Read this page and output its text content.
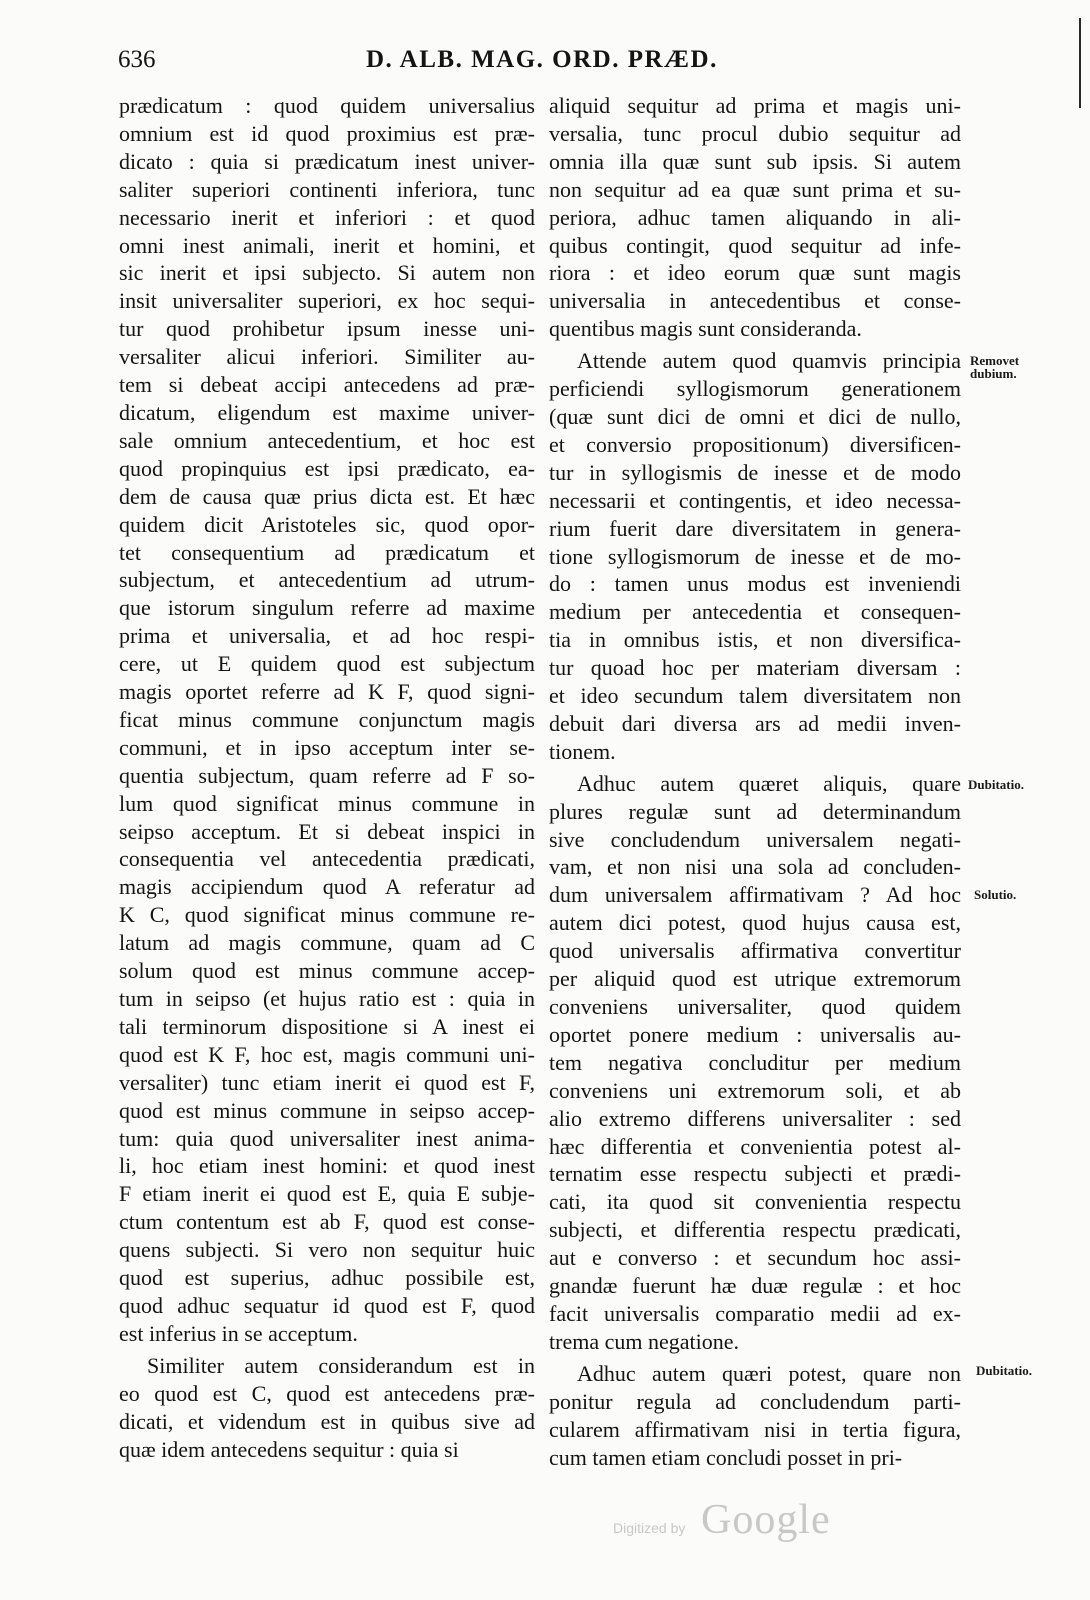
636	D. ALB. MAG. ORD. PRÆD.
prædicatum : quod quidem universalius
omnium est id quod proximius est præ-
dicato : quia si prædicatum inest univer-
saliter superiori continenti inferiora, tunc
necessario inerit et inferiori : et quod
omni inest animali, inerit et homini, et
sic inerit et ipsi subjecto. Si autem non
insit universaliter superiori, ex hoc sequi-
tur quod prohibetur ipsum inesse uni-
versaliter alicui inferiori. Similiter au-
tem si debeat accipi antecedens ad præ-
dicatum, eligendum est maxime univer-
sale omnium antecedentium, et hoc est
quod propinquius est ipsi prædicato, ea-
dem de causa quæ prius dicta est. Et hæc
quidem dicit Aristoteles sic, quod opor-
tet consequentium ad prædicatum et
subjectum, et antecedentium ad utrum-
que istorum singulum referre ad maxime
prima et universalia, et ad hoc respi-
cere, ut E quidem quod est subjectum
magis oportet referre ad K F, quod signi-
ficat minus commune conjunctum magis
communi, et in ipso acceptum inter se-
quentia subjectum, quam referre ad F so-
lum quod significat minus commune in
seipso acceptum. Et si debeat inspici in
consequentia vel antecedentia prædicati,
magis accipiendum quod A referatur ad
K C, quod significat minus commune re-
latum ad magis commune, quam ad C
solum quod est minus commune accep-
tum in seipso (et hujus ratio est : quia in
tali terminorum dispositione si A inest ei
quod est K F, hoc est, magis communi uni-
versaliter) tunc etiam inerit ei quod est F,
quod est minus commune in seipso accep-
tum: quia quod universaliter inest anima-
li, hoc etiam inest homini: et quod inest
F etiam inerit ei quod est E, quia E subje-
ctum contentum est ab F, quod est conse-
quens subjecti. Si vero non sequitur huic
quod est superius, adhuc possibile est,
quod adhuc sequatur id quod est F, quod
est inferius in se acceptum.
Similiter autem considerandum est in
eo quod est C, quod est antecedens præ-
dicati, et videndum est in quibus sive ad
quæ idem antecedens sequitur : quia si
aliquid sequitur ad prima et magis uni-
versalia, tunc procul dubio sequitur ad
omnia illa quæ sunt sub ipsis. Si autem
non sequitur ad ea quæ sunt prima et su-
periora, adhuc tamen aliquando in ali-
quibus contingit, quod sequitur ad infe-
riora : et ideo eorum quæ sunt magis
universalia in antecedentibus et conse-
quentibus magis sunt consideranda.
Attende autem quod quamvis principia
perficiendi syllogismorum generationem
(quæ sunt dici de omni et dici de nullo,
et conversio propositionum) diversificen-
tur in syllogismis de inesse et de modo
necessarii et contingentis, et ideo necessa-
rium fuerit dare diversitatem in genera-
tione syllogismorum de inesse et de mo-
do : tamen unus modus est inveniendi
medium per antecedentia et consequen-
tia in omnibus istis, et non diversifica-
tur quoad hoc per materiam diversam :
et ideo secundum talem diversitatem non
debuit dari diversa ars ad medii inven-
tionem.
Adhuc autem quæret aliquis, quare
plures regulæ sunt ad determinandum
sive concludendum universalem negati-
vam, et non nisi una sola ad concluden-
dum universalem affirmativam ? Ad hoc
autem dici potest, quod hujus causa est,
quod universalis affirmativa convertitur
per aliquid quod est utrique extremorum
conveniens universaliter, quod quidem
oportet ponere medium : universalis au-
tem negativa concluditur per medium
conveniens uni extremorum soli, et ab
alio extremo differens universaliter : sed
hæc differentia et convenientia potest al-
ternatim esse respectu subjecti et prædi-
cati, ita quod sit convenientia respectu
subjecti, et differentia respectu prædicati,
aut e converso : et secundum hoc assi-
gnandæ fuerunt hæ duæ regulæ : et hoc
facit universalis comparatio medii ad ex-
trema cum negatione.
Adhuc autem quæri potest, quare non
ponitur regula ad concludendum parti-
cularem affirmativam nisi in tertia figura,
cum tamen etiam concludi posset in pri-
Removet
dubium.
Dubitatio.
Solutio.
Dubitatio.
Digitized by Google
